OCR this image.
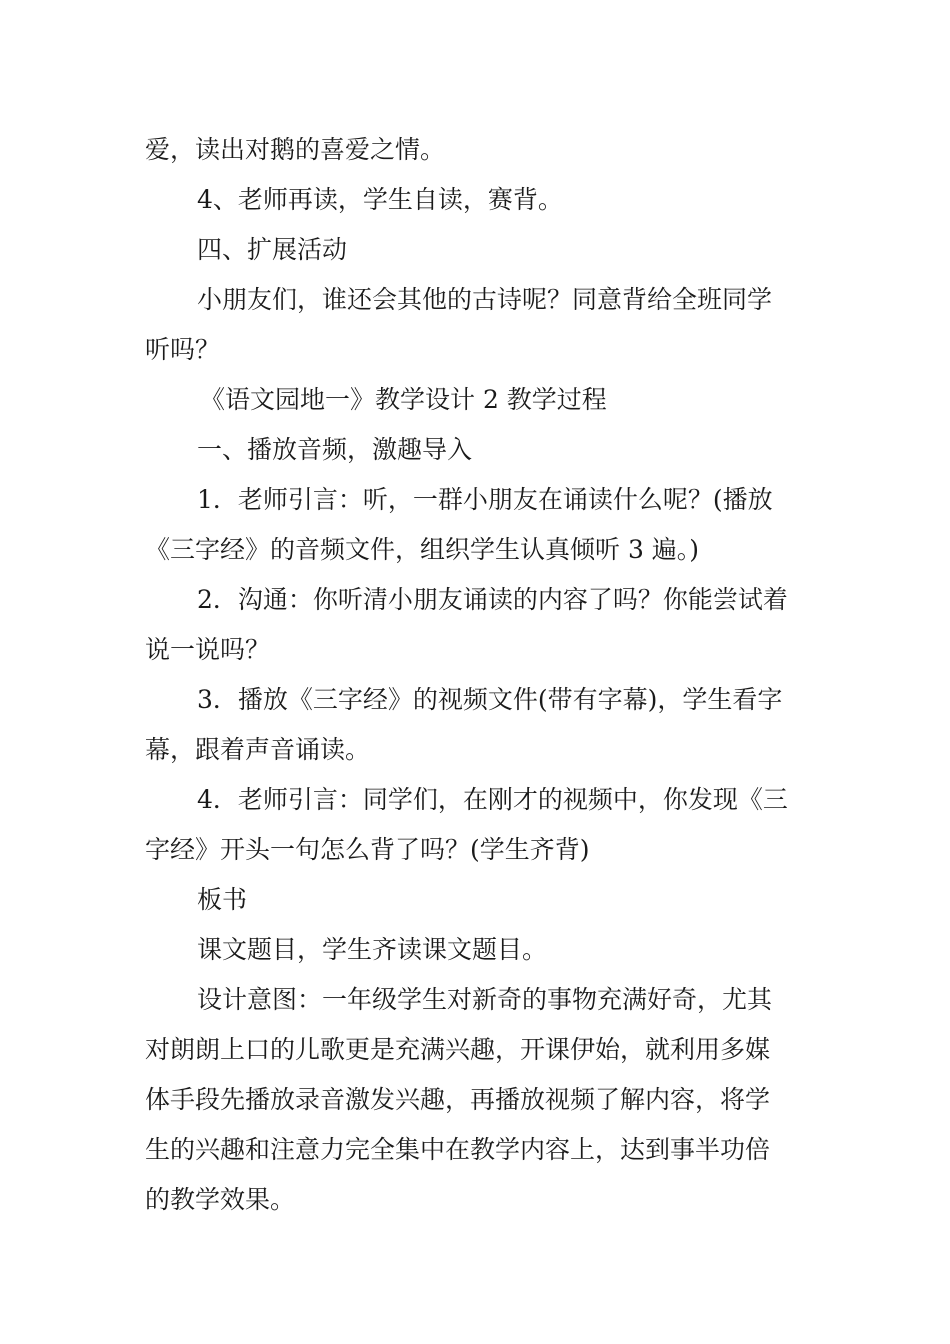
爱，读出对鹅的喜爱之情。
4、老师再读，学生自读，赛背。
四、扩展活动
小朋友们，谁还会其他的古诗呢？同意背给全班同学
听吗？
《语文园地一》教学设计 2 教学过程
一、播放音频，激趣导入
1．老师引言：听，一群小朋友在诵读什么呢？(播放
《三字经》的音频文件，组织学生认真倾听 3 遍。)
2．沟通：你听清小朋友诵读的内容了吗？你能尝试着
说一说吗？
3．播放《三字经》的视频文件(带有字幕)，学生看字
幕，跟着声音诵读。
4．老师引言：同学们，在刚才的视频中，你发现《三
字经》开头一句怎么背了吗？(学生齐背)
板书
课文题目，学生齐读课文题目。
设计意图：一年级学生对新奇的事物充满好奇，尤其
对朗朗上口的儿歌更是充满兴趣，开课伊始，就利用多媒
体手段先播放录音激发兴趣，再播放视频了解内容，将学
生的兴趣和注意力完全集中在教学内容上，达到事半功倍
的教学效果。
